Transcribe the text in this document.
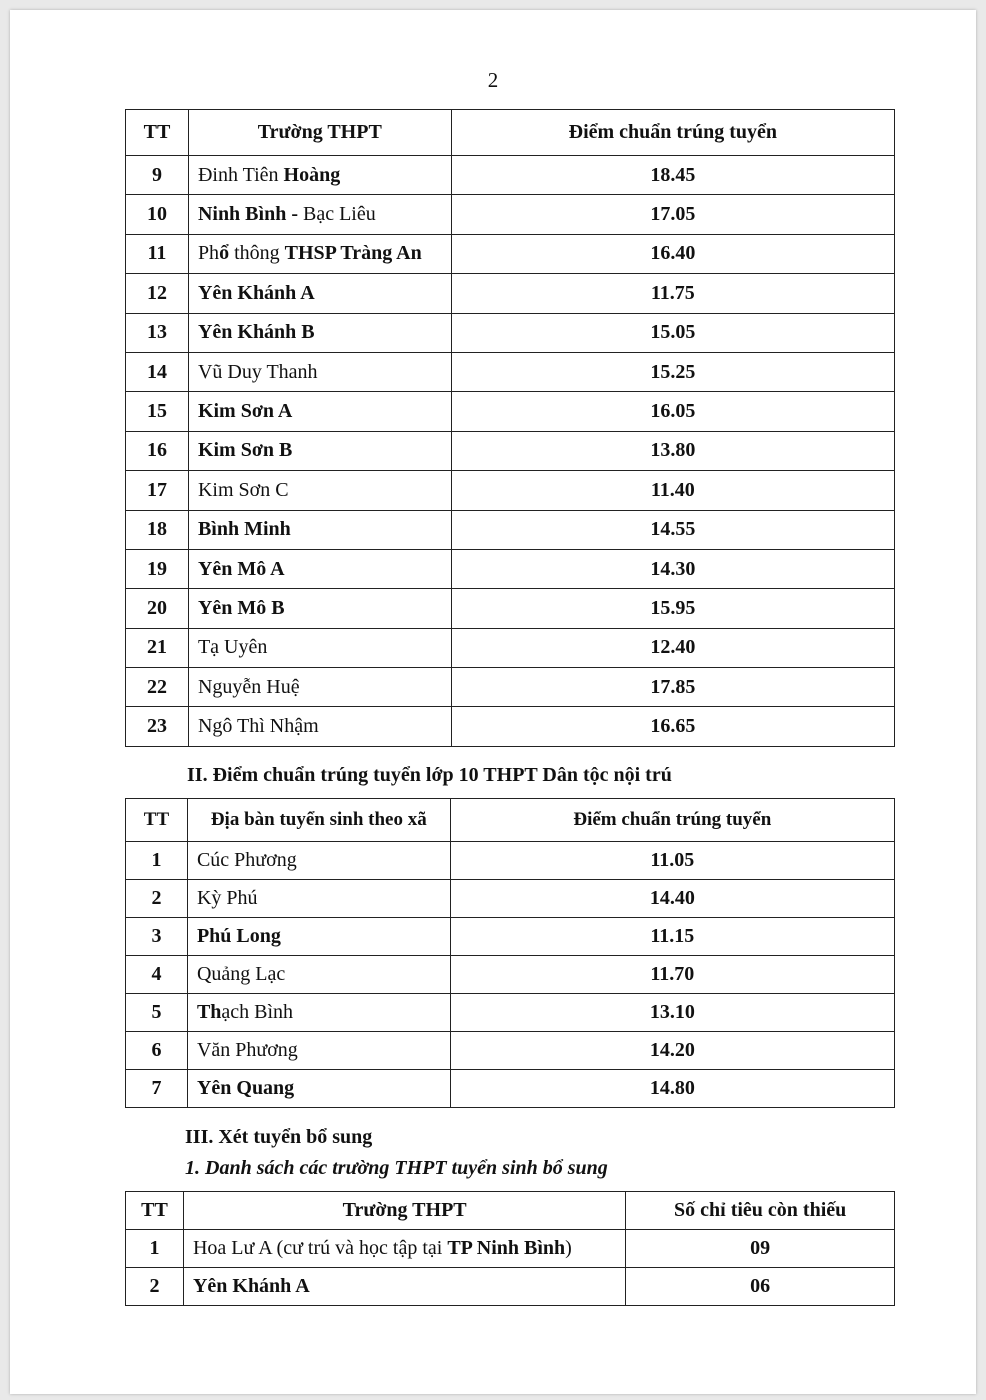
2
TT	Trường THPT	Điểm chuẩn trúng tuyển
9	Đinh Tiên Hoàng	18.45
10	Ninh Bình - Bạc Liêu	17.05
11	Phổ thông THSP Tràng An	16.40
12	Yên Khánh A	11.75
13	Yên Khánh B	15.05
14	Vũ Duy Thanh	15.25
15	Kim Sơn A	16.05
16	Kim Sơn B	13.80
17	Kim Sơn C	11.40
18	Bình Minh	14.55
19	Yên Mô A	14.30
20	Yên Mô B	15.95
21	Tạ Uyên	12.40
22	Nguyễn Huệ	17.85
23	Ngô Thì Nhậm	16.65
II. Điểm chuẩn trúng tuyển lớp 10 THPT Dân tộc nội trú
TT	Địa bàn tuyển sinh theo xã	Điểm chuẩn trúng tuyển
1	Cúc Phương	11.05
2	Kỳ Phú	14.40
3	Phú Long	11.15
4	Quảng Lạc	11.70
5	Thạch Bình	13.10
6	Văn Phương	14.20
7	Yên Quang	14.80
III. Xét tuyển bổ sung
1. Danh sách các trường THPT tuyển sinh bổ sung
TT	Trường THPT	Số chỉ tiêu còn thiếu
1	Hoa Lư A (cư trú và học tập tại TP Ninh Bình)	09
2	Yên Khánh A	06
